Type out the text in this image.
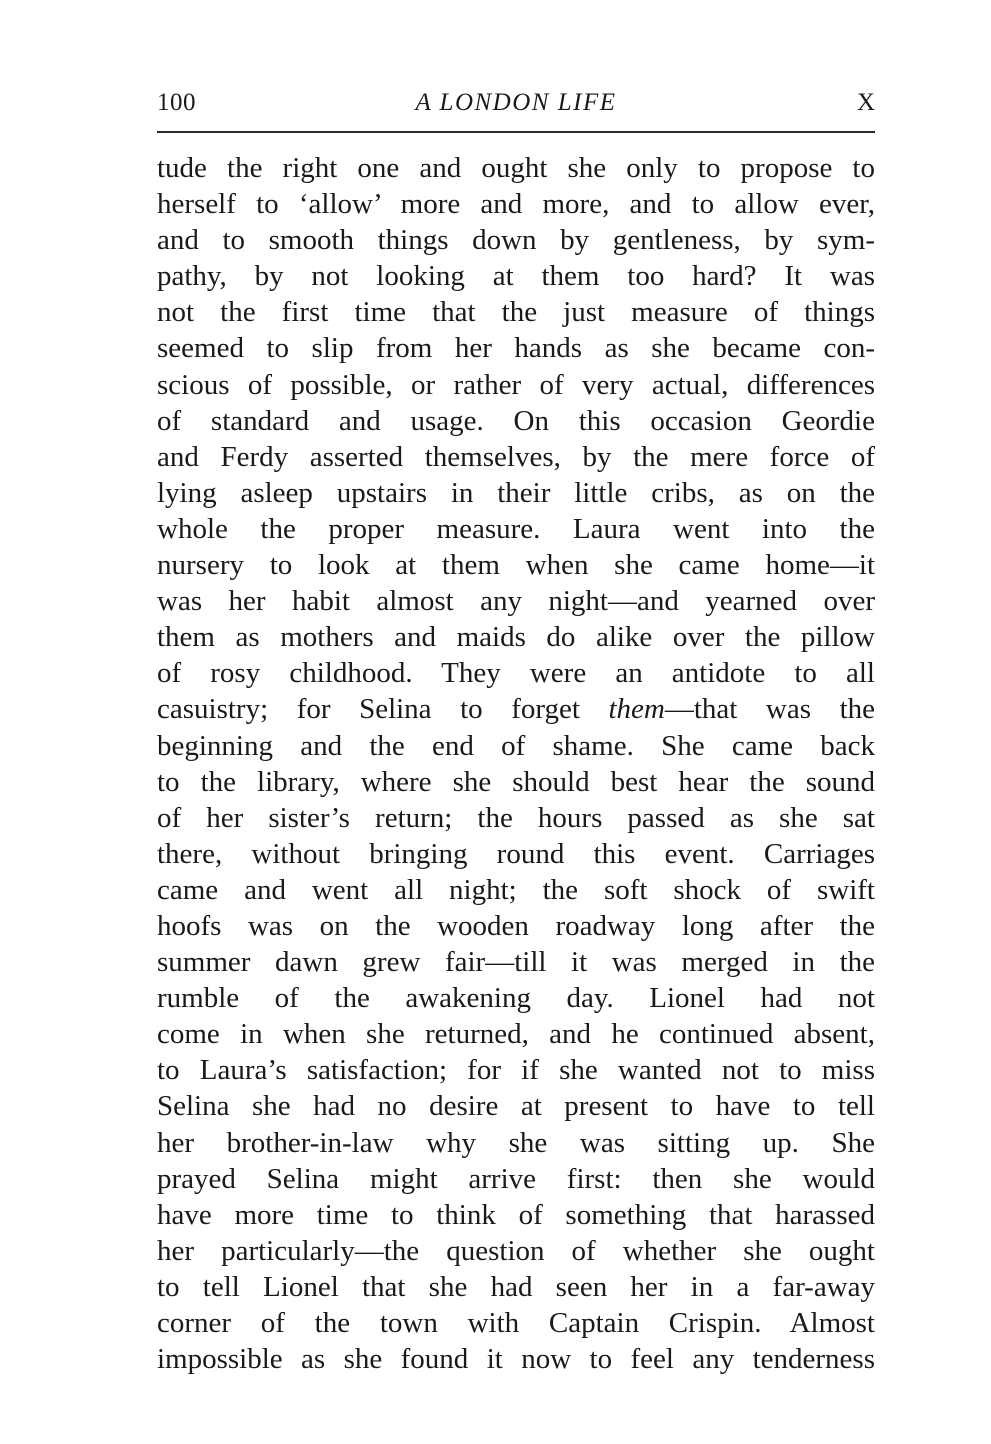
100	A LONDON LIFE	X
tude the right one and ought she only to propose to
herself to ‘allow’ more and more, and to allow ever,
and to smooth things down by gentleness, by sym-
pathy, by not looking at them too hard? It was
not the first time that the just measure of things
seemed to slip from her hands as she became con-
scious of possible, or rather of very actual, differences
of standard and usage. On this occasion Geordie
and Ferdy asserted themselves, by the mere force of
lying asleep upstairs in their little cribs, as on the
whole the proper measure. Laura went into the
nursery to look at them when she came home—it
was her habit almost any night—and yearned over
them as mothers and maids do alike over the pillow
of rosy childhood. They were an antidote to all
casuistry; for Selina to forget them—that was the
beginning and the end of shame. She came back
to the library, where she should best hear the sound
of her sister’s return; the hours passed as she sat
there, without bringing round this event. Carriages
came and went all night; the soft shock of swift
hoofs was on the wooden roadway long after the
summer dawn grew fair—till it was merged in the
rumble of the awakening day. Lionel had not
come in when she returned, and he continued absent,
to Laura’s satisfaction; for if she wanted not to miss
Selina she had no desire at present to have to tell
her brother-in-law why she was sitting up. She
prayed Selina might arrive first: then she would
have more time to think of something that harassed
her particularly—the question of whether she ought
to tell Lionel that she had seen her in a far-away
corner of the town with Captain Crispin. Almost
impossible as she found it now to feel any tenderness
